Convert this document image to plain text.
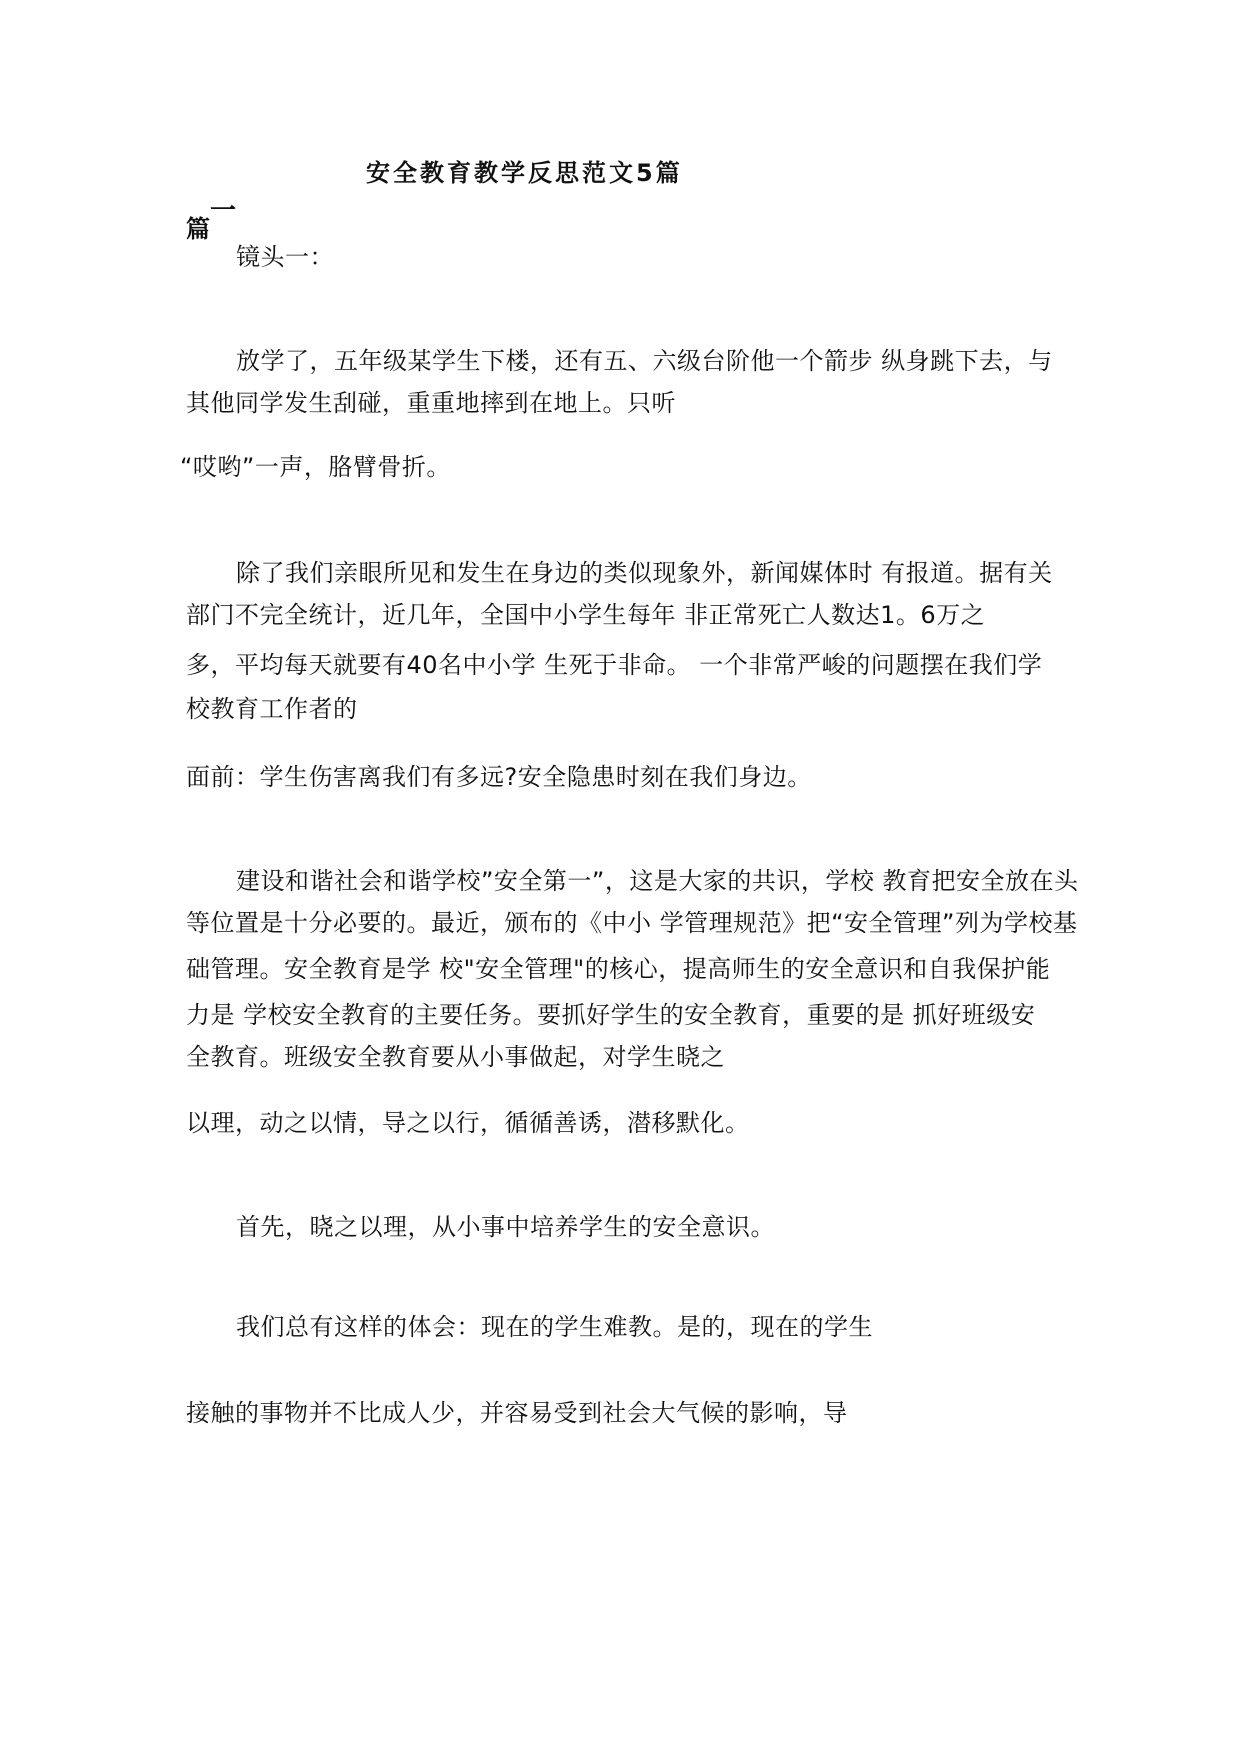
安全教育教学反思范文5篇
篇
一
镜头一：
放学了，五年级某学生下楼，还有五、六级台阶他一个箭步 纵身跳下去，与
其他同学发生刮碰，重重地摔到在地上。只听
“哎哟”一声，胳臂骨折。
除了我们亲眼所见和发生在身边的类似现象外，新闻媒体时 有报道。据有关
部门不完全统计，近几年，全国中小学生每年 非正常死亡人数达1。6万之
多，平均每天就要有40名中小学 生死于非命。 一个非常严峻的问题摆在我们学
校教育工作者的
面前：学生伤害离我们有多远?安全隐患时刻在我们身边。
建设和谐社会和谐学校”安全第一”，这是大家的共识，学校 教育把安全放在头
等位置是十分必要的。最近，颁布的《中小 学管理规范》把“安全管理”列为学校基
础管理。安全教育是学 校"安全管理"的核心，提高师生的安全意识和自我保护能
力是 学校安全教育的主要任务。要抓好学生的安全教育，重要的是 抓好班级安
全教育。班级安全教育要从小事做起，对学生晓之
以理，动之以情，导之以行，循循善诱，潜移默化。
首先，晓之以理，从小事中培养学生的安全意识。
我们总有这样的体会：现在的学生难教。是的，现在的学生
接触的事物并不比成人少，并容易受到社会大气候的影响，导
